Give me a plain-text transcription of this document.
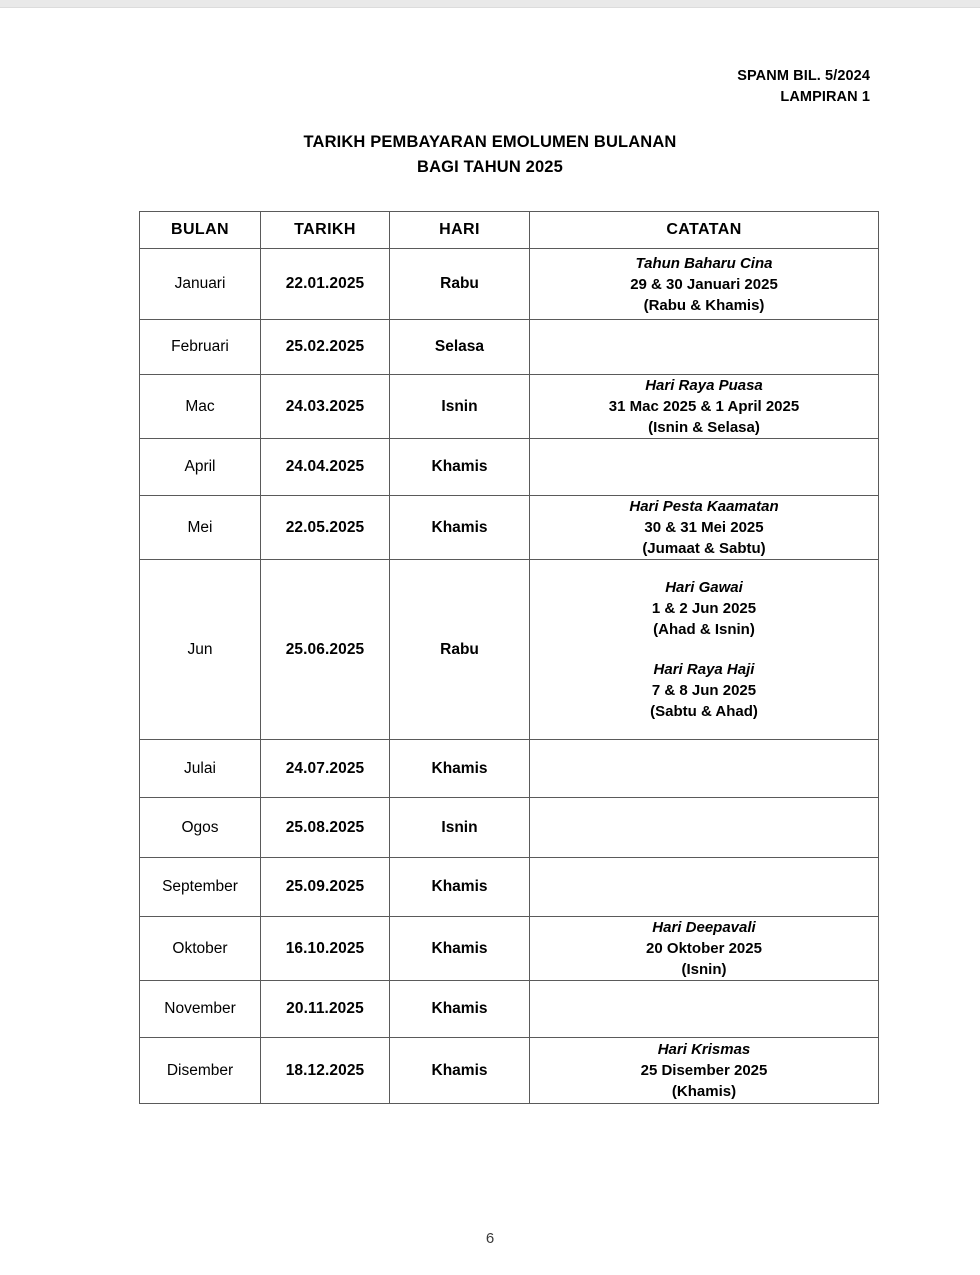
SPANM BIL. 5/2024
LAMPIRAN 1
TARIKH PEMBAYARAN EMOLUMEN BULANAN
BAGI TAHUN 2025
BULAN	TARIKH	HARI	CATATAN
Januari	22.01.2025	Rabu	Tahun Baharu Cina
29 & 30 Januari 2025
(Rabu & Khamis)

Februari	25.02.2025	Selasa	
Mac	24.03.2025	Isnin	Hari Raya Puasa
31 Mac 2025 & 1 April 2025
(Isnin & Selasa)

April	24.04.2025	Khamis	
Mei	22.05.2025	Khamis	Hari Pesta Kaamatan
30 & 31 Mei 2025
(Jumaat & Sabtu)

Jun	25.06.2025	Rabu	
Hari Gawai
1 & 2 Jun 2025
(Ahad & Isnin)
Hari Raya Haji
7 & 8 Jun 2025
(Sabtu & Ahad)

Julai	24.07.2025	Khamis	
Ogos	25.08.2025	Isnin	
September	25.09.2025	Khamis	
Oktober	16.10.2025	Khamis	Hari Deepavali
20 Oktober 2025
(Isnin)

November	20.11.2025	Khamis	
Disember	18.12.2025	Khamis	Hari Krismas
25 Disember 2025
(Khamis)
6
